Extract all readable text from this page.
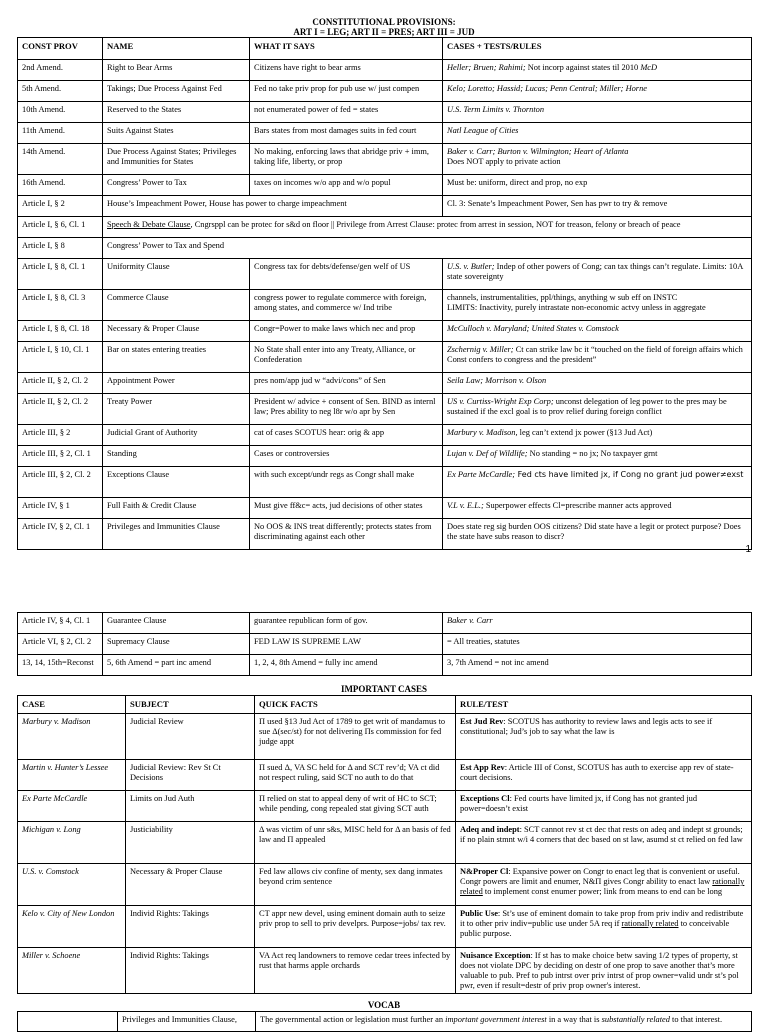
CONSTITUTIONAL PROVISIONS:
ART I = LEG; ART II = PRES; ART III = JUD
CONST PROV	NAME	WHAT IT SAYS	CASES + TESTS/RULES
2nd Amend.	Right to Bear Arms	Citizens have right to bear arms	Heller; Bruen; Rahimi; Not incorp against states til 2010 McD
5th Amend.	Takings; Due Process Against Fed	Fed no take priv prop for pub use w/ just compen	Kelo; Loretto; Hassid; Lucas; Penn Central; Miller; Horne
10th Amend.	Reserved to the States	not enumerated power of fed = states	U.S. Term Limits v. Thornton
11th Amend.	Suits Against States	Bars states from most damages suits in fed court	Natl League of Cities
14th Amend.	Due Process Against States; Privileges and Immunities for States	No making, enforcing laws that abridge priv + imm, taking life, liberty, or prop	Baker v. Carr; Burton v. Wilmington; Heart of Atlanta
Does NOT apply to private action
16th Amend.	Congress’ Power to Tax	taxes on incomes w/o app and w/o popul	Must be: uniform, direct and prop, no exp
Article I, § 2	House’s Impeachment Power, House has power to charge impeachment		Cl. 3: Senate’s Impeachment Power, Sen has pwr to try & remove
Article I, § 6, Cl. 1	Speech & Debate Clause, Cngrsppl can be protec for s&d on floor || Privilege from Arrest Clause: protec from arrest in session, NOT for treason, felony or breach of peace		
Article I, § 8	Congress’ Power to Tax and Spend		
Article I, § 8, Cl. 1	Uniformity Clause	Congress tax for debts/defense/gen welf of US	U.S. v. Butler; Indep of other powers of Cong; can tax things can’t regulate. Limits: 10A state sovereignty
Article I, § 8, Cl. 3	Commerce Clause	congress power to regulate commerce with foreign, among states, and commerce w/ Ind tribe	channels, instrumentalities, ppl/things, anything w sub eff on INSTC
LIMITS: Inactivity, purely intrastate non-economic actvy unless in aggregate
Article I, § 8, Cl. 18	Necessary & Proper Clause	Congr=Power to make laws which nec and prop	McCulloch v. Maryland; United States v. Comstock
Article I, § 10, Cl. 1	Bar on states entering treaties	No State shall enter into any Treaty, Alliance, or Confederation	Zschernig v. Miller; Ct can strike law bc it “touched on the field of foreign affairs which Const confers to congress and the president”
Article II, § 2, Cl. 2	Appointment Power	pres nom/app jud w “advi/cons” of Sen	Seila Law; Morrison v. Olson
Article II, § 2, Cl. 2	Treaty Power	President w/ advice + consent of Sen. BIND as internl law; Pres ability to neg l8r w/o apr by Sen	US v. Curtiss-Wright Exp Corp; unconst delegation of leg power to the pres may be sustained if the excl goal is to prov relief during foreign conflict
Article III, § 2	Judicial Grant of Authority	cat of cases SCOTUS hear: orig & app	Marbury v. Madison, leg can’t extend jx power (§13 Jud Act)
Article III, § 2, Cl. 1	Standing	Cases or controversies	Lujan v. Def of Wildlife; No standing = no jx; No taxpayer grnt
Article III, § 2, Cl. 2	Exceptions Clause	with such except/undr regs as Congr shall make	Ex Parte McCardle; Fed cts have limited jx, if Cong no grant jud power≠exst
Article IV, § 1	Full Faith & Credit Clause	Must give ff&c= acts, jud decisions of other states	V.L v. E.L.; Superpower effects Cl=prescribe manner acts approved
Article IV, § 2, Cl. 1	Privileges and Immunities Clause	No OOS & INS treat differently; protects states from discriminating against each other	Does state reg sig burden OOS citizens? Did state have a legit or protect purpose? Does the state have subs reason to discr?
1
Article IV, § 4, Cl. 1	Guarantee Clause	guarantee republican form of gov.	Baker v. Carr
Article VI, § 2, Cl. 2	Supremacy Clause	FED LAW IS SUPREME LAW	= All treaties, statutes
13, 14, 15th=Reconst	5, 6th Amend = part inc amend	1, 2, 4, 8th Amend = fully inc amend	3, 7th Amend = not inc amend
IMPORTANT CASES
CASE	SUBJECT	QUICK FACTS	RULE/TEST
Marbury v. Madison	Judicial Review	Π used §13 Jud Act of 1789 to get writ of mandamus to sue Δ(sec/st) for not delivering Πs commission for fed judge appt	Est Jud Rev: SCOTUS has authority to review laws and legis acts to see if constitutional; Jud’s job to say what the law is
Martin v. Hunter’s Lessee	Judicial Review: Rev St Ct Decisions	Π sued Δ, VA SC held for Δ and SCT rev’d; VA ct did not respect ruling, said SCT no auth to do that	Est App Rev: Article III of Const, SCOTUS has auth to exercise app rev of state-court decisions.
Ex Parte McCardle	Limits on Jud Auth	Π relied on stat to appeal deny of writ of HC to SCT; while pending, cong repealed stat giving SCT auth	Exceptions Cl: Fed courts have limited jx, if Cong has not granted jud power=doesn’t exist
Michigan v. Long	Justiciability	Δ was victim of unr s&s, MISC held for Δ an basis of fed law and Π appealed	Adeq and indept: SCT cannot rev st ct dec that rests on adeq and indept st grounds; if no plain stmnt w/i 4 corners that dec based on st law, asumd st ct relied on fed law
U.S. v. Comstock	Necessary & Proper Clause	Fed law allows civ confine of menty, sex dang inmates beyond crim sentence	N&Proper Cl: Expansive power on Congr to enact leg that is convenient or useful. Congr powers are limit and enumer, N&Π gives Congr ability to enact law rationally related to implement const enumer power; link from means to end can be long
Kelo v. City of New London	Individ Rights: Takings	CT appr new devel, using eminent domain auth to seize priv prop to sell to priv develprs. Purpose=jobs/ tax rev.	Public Use: St’s use of eminent domain to take prop from priv indiv and redistribute it to other priv indiv=public use under 5A req if rationally related to conceivable public purpose.
Miller v. Schoene	Individ Rights: Takings	VA Act req landowners to remove cedar trees infected by rust that harms apple orchards	Nuisance Exception: If st has to make choice betw saving 1/2 types of property, st does not violate DPC by deciding on destr of one prop to save another that’s more valuable to pub. Pref to pub intrst over priv intrst of prop owner=valid undr st’s pol pwr, even if result=destr of priv prop owner's interest.
VOCAB
	Privileges and Immunities Clause,	The governmental action or legislation must further an important government interest in a way that is substantially related to that interest.
